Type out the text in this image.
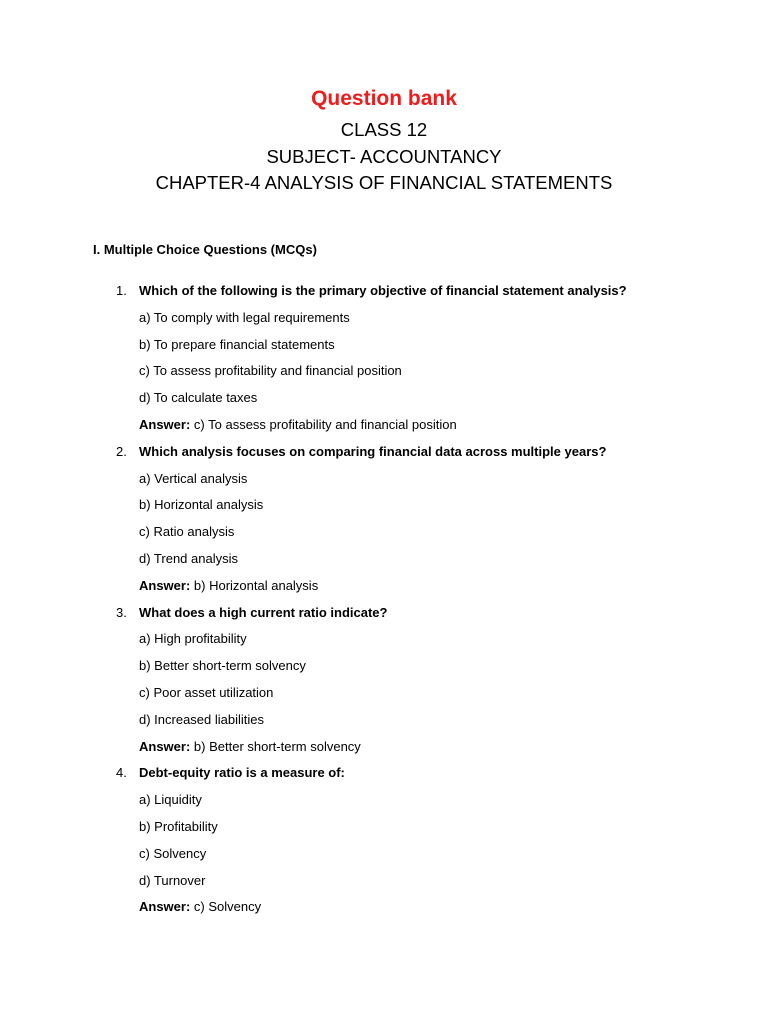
Question bank
CLASS 12
SUBJECT- ACCOUNTANCY
CHAPTER-4 ANALYSIS OF FINANCIAL STATEMENTS
I. Multiple Choice Questions (MCQs)
1. Which of the following is the primary objective of financial statement analysis?
a) To comply with legal requirements
b) To prepare financial statements
c) To assess profitability and financial position
d) To calculate taxes
Answer: c) To assess profitability and financial position
2. Which analysis focuses on comparing financial data across multiple years?
a) Vertical analysis
b) Horizontal analysis
c) Ratio analysis
d) Trend analysis
Answer: b) Horizontal analysis
3. What does a high current ratio indicate?
a) High profitability
b) Better short-term solvency
c) Poor asset utilization
d) Increased liabilities
Answer: b) Better short-term solvency
4. Debt-equity ratio is a measure of:
a) Liquidity
b) Profitability
c) Solvency
d) Turnover
Answer: c) Solvency
